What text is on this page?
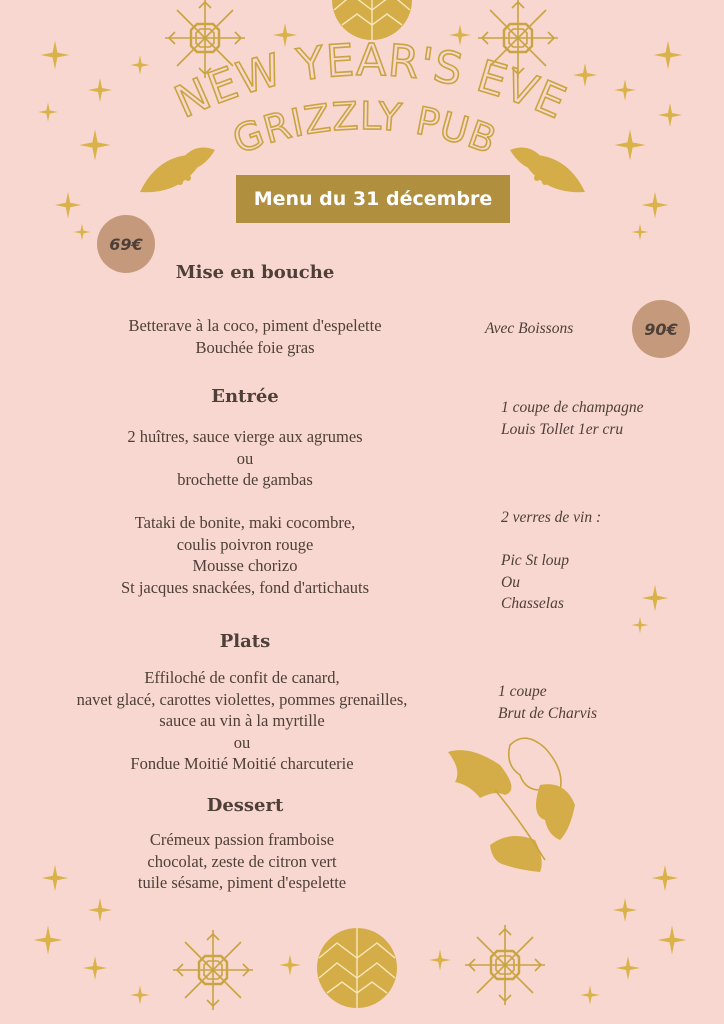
NEW YEAR'S EVE
GRIZZLY PUB
Menu du 31 décembre
69€
90€
Avec Boissons
Mise en bouche
Betterave à la coco, piment d'espelette
Bouchée foie gras
Entrée
2 huîtres, sauce vierge aux agrumes
ou
brochette de gambas
Tataki de bonite, maki cocombre,
coulis poivron rouge
Mousse chorizo
St jacques snackées, fond d'artichauts
Plats
Effiloché de confit de canard,
navet glacé, carottes violettes, pommes grenailles,
sauce au vin à la myrtille
ou
Fondue Moitié Moitié charcuterie
Dessert
Crémeux passion framboise
chocolat, zeste de citron vert
tuile sésame, piment d'espelette
1 coupe de champagne
Louis Tollet 1er cru
2 verres de vin :
Pic St loup
Ou
Chasselas
1 coupe
Brut de Charvis
